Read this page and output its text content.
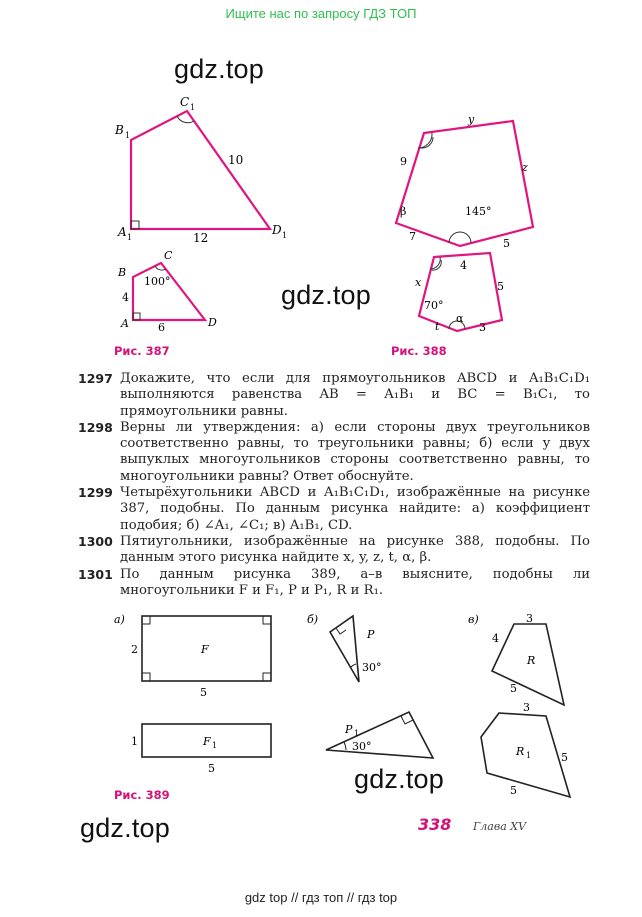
Ищите нас по запросу ГДЗ ТОП
gdz.top
gdz.top
gdz.top
gdz.top
B 1
C 1
A 1
D 1
10
12
B
C
A	D
100°
4
6
y
z
9
7
5
β	145°
4
5
3
x
t
α
70°
Рис. 387	Рис. 388
1297 Докажите, что если для прямоугольников ABCD и A₁B₁C₁D₁ выполняются равенства AB = A₁B₁ и BC = B₁C₁, то прямоугольники равны.
1298 Верны ли утверждения: а) если стороны двух треугольников соответственно равны, то треугольники равны; б) если у двух выпуклых многоугольников стороны соответственно равны, то многоугольники равны? Ответ обоснуйте.
1299 Четырёхугольники ABCD и A₁B₁C₁D₁, изображённые на рисунке 387, подобны. По данным рисунка найдите: а) коэффициент подобия; б) ∠A₁, ∠C₁; в) A₁B₁, CD.
1300 Пятиугольники, изображённые на рисунке 388, подобны. По данным этого рисунка найдите x, y, z, t, α, β.
1301 По данным рисунка 389, а–в выясните, подобны ли многоугольники F и F₁, P и P₁, R и R₁.
а)
F
2
5
F 1
1
5
б)
P
30°
P 1
30°
в)	3
4
5
R
3
5
5
R 1
Рис. 389
338 Глава XV
gdz top // гдз топ // гдз top
